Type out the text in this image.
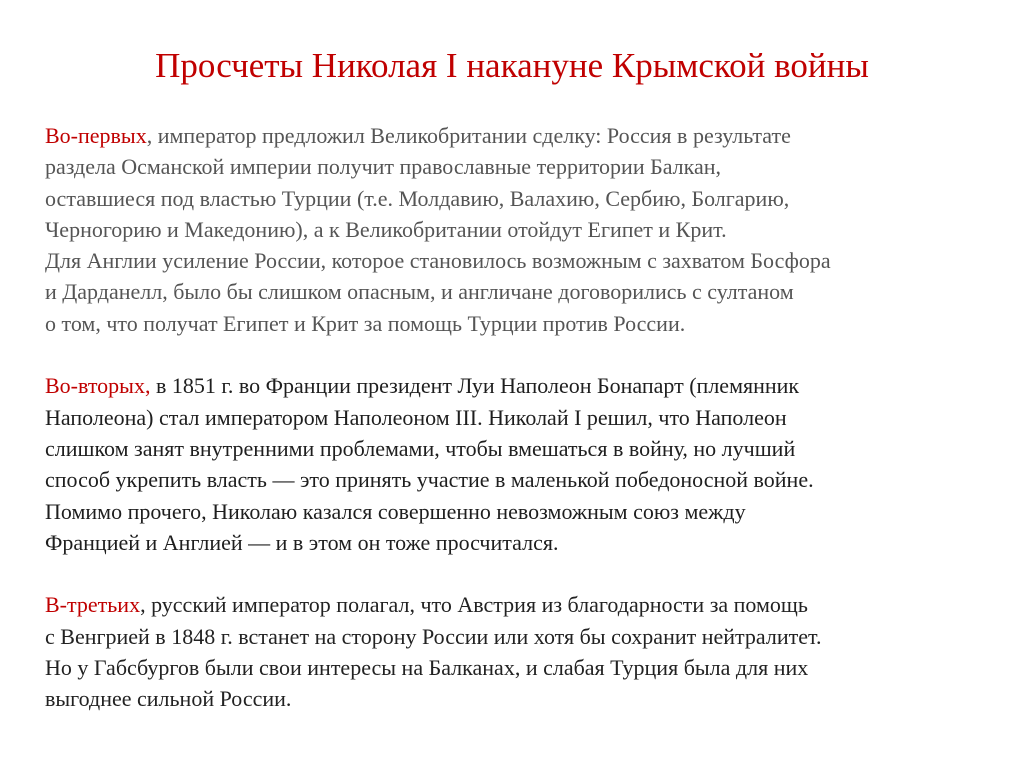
Просчеты Николая I накануне Крымской войны
Во-первых, император предложил Великобритании сделку: Россия в результате
раздела Османской империи получит православные территории Балкан,
оставшиеся под властью Турции (т.е. Молдавию, Валахию, Сербию, Болгарию,
Черногорию и Македонию), а к Великобритании отойдут Египет и Крит.
Для Англии усиление России, которое становилось возможным с захватом Босфора
и Дарданелл, было бы слишком опасным, и англичане договорились с султаном
о том, что получат Египет и Крит за помощь Турции против России.
Во-вторых, в 1851 г. во Франции президент Луи Наполеон Бонапарт (племянник
Наполеона) стал императором Наполеоном III. Николай I решил, что Наполеон
слишком занят внутренними проблемами, чтобы вмешаться в войну, но лучший
способ укрепить власть — это принять участие в маленькой победоносной войне.
Помимо прочего, Николаю казался совершенно невозможным союз между
Францией и Англией — и в этом он тоже просчитался.
В-третьих, русский император полагал, что Австрия из благодарности за помощь
с Венгрией в 1848 г. встанет на сторону России или хотя бы сохранит нейтралитет.
Но у Габсбургов были свои интересы на Балканах, и слабая Турция была для них
выгоднее сильной России.
